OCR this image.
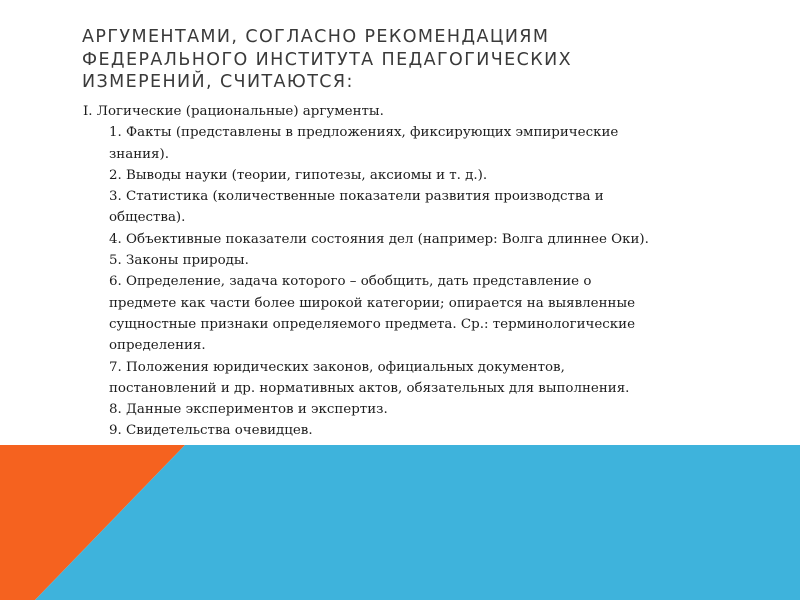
АРГУМЕНТАМИ, СОГЛАСНО РЕКОМЕНДАЦИЯМ
ФЕДЕРАЛЬНОГО ИНСТИТУТА ПЕДАГОГИЧЕСКИХ
ИЗМЕРЕНИЙ, СЧИТАЮТСЯ:
I. Логические (рациональные) аргументы.
1. Факты (представлены в предложениях, фиксирующих эмпирические
знания).
2. Выводы науки (теории, гипотезы, аксиомы и т. д.).
3. Статистика (количественные показатели развития производства и
общества).
4. Объективные показатели состояния дел (например: Волга длиннее Оки).
5. Законы природы.
6. Определение, задача которого – обобщить, дать представление о
предмете как части более широкой категории; опирается на выявленные
сущностные признаки определяемого предмета. Ср.: терминологические
определения.
7. Положения юридических законов, официальных документов,
постановлений и др. нормативных актов, обязательных для выполнения.
8. Данные экспериментов и экспертиз.
9. Свидетельства очевидцев.
